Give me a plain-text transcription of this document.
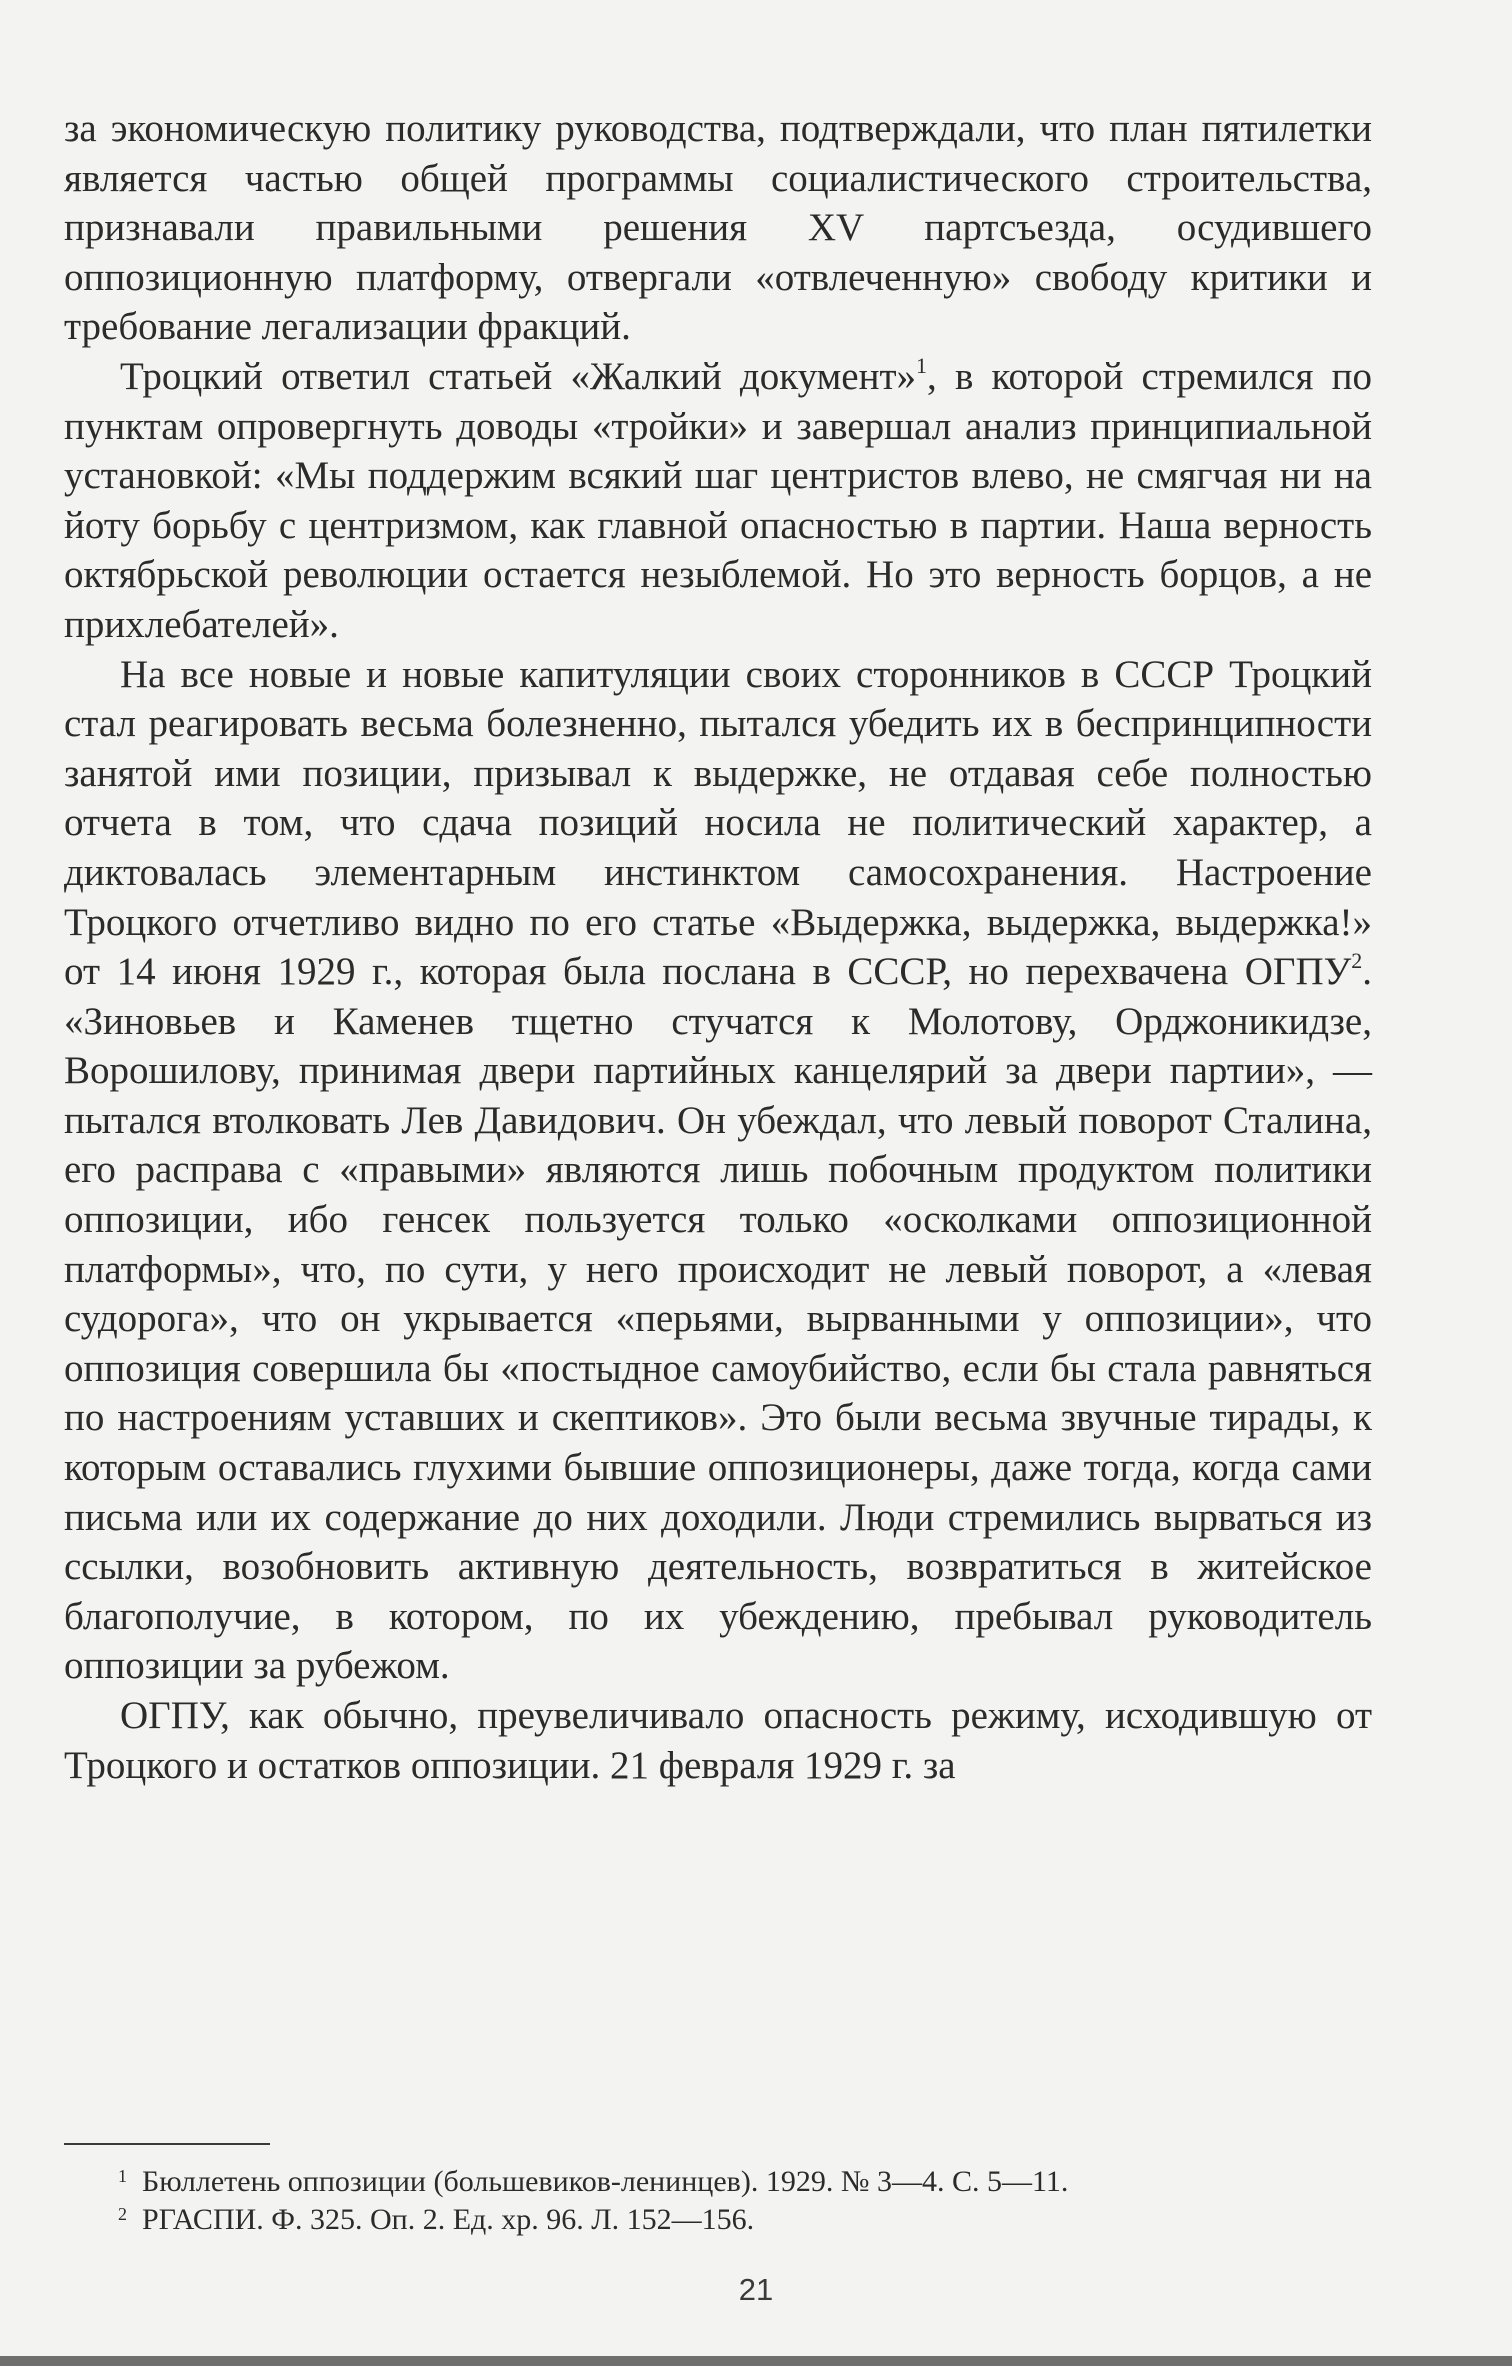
за экономическую политику руководства, подтверждали, что план пятилетки является частью общей программы социалистического строительства, признавали правильными решения XV партсъезда, осудившего оппозиционную платформу, отвергали «отвлеченную» свободу критики и требование легализации фракций.

Троцкий ответил статьей «Жалкий документ»$^1$, в которой стремился по пунктам опровергнуть доводы «тройки» и завершал анализ принципиальной установкой: «Мы поддержим всякий шаг центристов влево, не смягчая ни на йоту борьбу с центризмом, как главной опасностью в партии. Наша верность октябрьской революции остается незыблемой. Но это верность борцов, а не прихлебателей».

На все новые и новые капитуляции своих сторонников в СССР Троцкий стал реагировать весьма болезненно, пытался убедить их в беспринципности занятой ими позиции, призывал к выдержке, не отдавая себе полностью отчета в том, что сдача позиций носила не политический характер, а диктовалась элементарным инстинктом самосохранения. Настроение Троцкого отчетливо видно по его статье «Выдержка, выдержка, выдержка!» от 14 июня 1929 г., которая была послана в СССР, но перехвачена ОГПУ$^2$. «Зиновьев и Каменев тщетно стучатся к Молотову, Орджоникидзе, Ворошилову, принимая двери партийных канцелярий за двери партии», — пытался втолковать Лев Давидович. Он убеждал, что левый поворот Сталина, его расправа с «правыми» являются лишь побочным продуктом политики оппозиции, ибо генсек пользуется только «осколками оппозиционной платформы», что, по сути, у него происходит не левый поворот, а «левая судорога», что он укрывается «перьями, вырванными у оппозиции», что оппозиция совершила бы «постыдное самоубийство, если бы стала равняться по настроениям уставших и скептиков». Это были весьма звучные тирады, к которым оставались глухими бывшие оппозиционеры, даже тогда, когда сами письма или их содержание до них доходили. Люди стремились вырваться из ссылки, возобновить активную деятельность, возвратиться в житейское благополучие, в котором, по их убеждению, пребывал руководитель оппозиции за рубежом.

ОГПУ, как обычно, преувеличивало опасность режиму, исходившую от Троцкого и остатков оппозиции. 21 февраля 1929 г. за

1 Бюллетень оппозиции (большевиков-ленинцев). 1929. № 3—4. С. 5—11.

2 РГАСПИ. Ф. 325. Оп. 2. Ед. хр. 96. Л. 152—156.

21
